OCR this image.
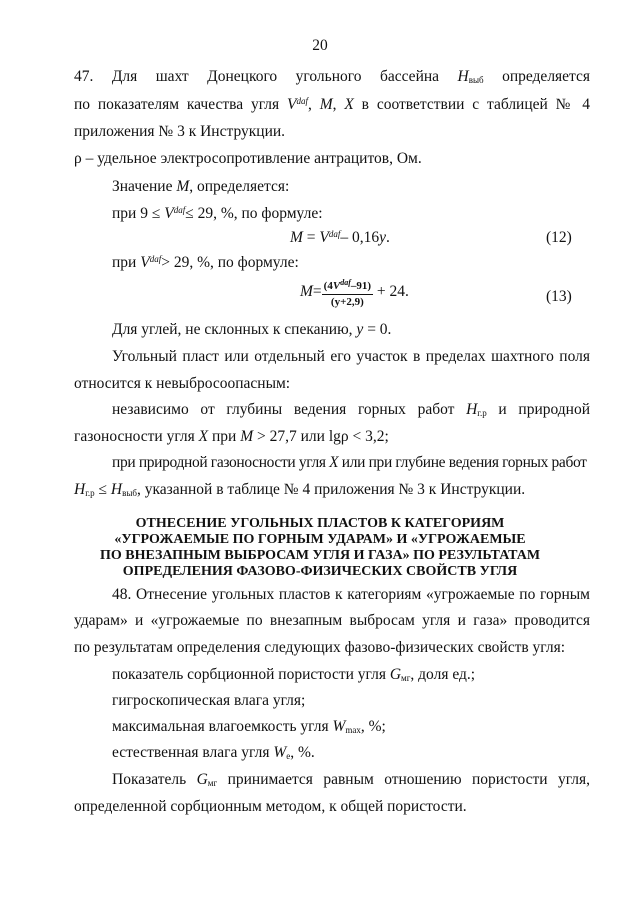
20
47. Для шахт Донецкого угольного бассейна $H_{выб}$ определяется
по показателям качества угля $V^{daf}$, M, X в соответствии с таблицей № 4
приложения № 3 к Инструкции.
ρ – удельное электросопротивление антрацитов, Ом.
Значение M, определяется:
при $9 \le V^{daf}\le 29$, %, по формуле:
$M = V^{daf}-$ 0,16y.	(12)
при $V^{daf}> 29$, %, по формуле:
$M= \frac{(4V^{daf}-91)}{(y+2,9)} + 24$.	(13)
Для углей, не склонных к спеканию, y = 0.
Угольный пласт или отдельный его участок в пределах шахтного поля
относится к невыбросоопасным:
независимо от глубины ведения горных работ $H_{г.р}$ и природной
газоносности угля X при M > 27,7 или lgρ < 3,2;
при природной газоносности угля X или при глубине ведения горных работ
$H_{г.р} \le H_{выб}$, указанной в таблице № 4 приложения № 3 к Инструкции.
ОТНЕСЕНИЕ УГОЛЬНЫХ ПЛАСТОВ К КАТЕГОРИЯМ
«УГРОЖАЕМЫЕ ПО ГОРНЫМ УДАРАМ» И «УГРОЖАЕМЫЕ
ПО ВНЕЗАПНЫМ ВЫБРОСАМ УГЛЯ И ГАЗА» ПО РЕЗУЛЬТАТАМ
ОПРЕДЕЛЕНИЯ ФАЗОВО-ФИЗИЧЕСКИХ СВОЙСТВ УГЛЯ
48. Отнесение угольных пластов к категориям «угрожаемые по горным
ударам» и «угрожаемые по внезапным выбросам угля и газа» проводится
по результатам определения следующих фазово-физических свойств угля:
показатель сорбционной пористости угля $G_{мг}$, доля ед.;
гигроскопическая влага угля;
максимальная влагоемкость угля $W_{max}$, %;
естественная влага угля $W_e$, %.
Показатель $G_{мг}$ принимается равным отношению пористости угля,
определенной сорбционным методом, к общей пористости.
